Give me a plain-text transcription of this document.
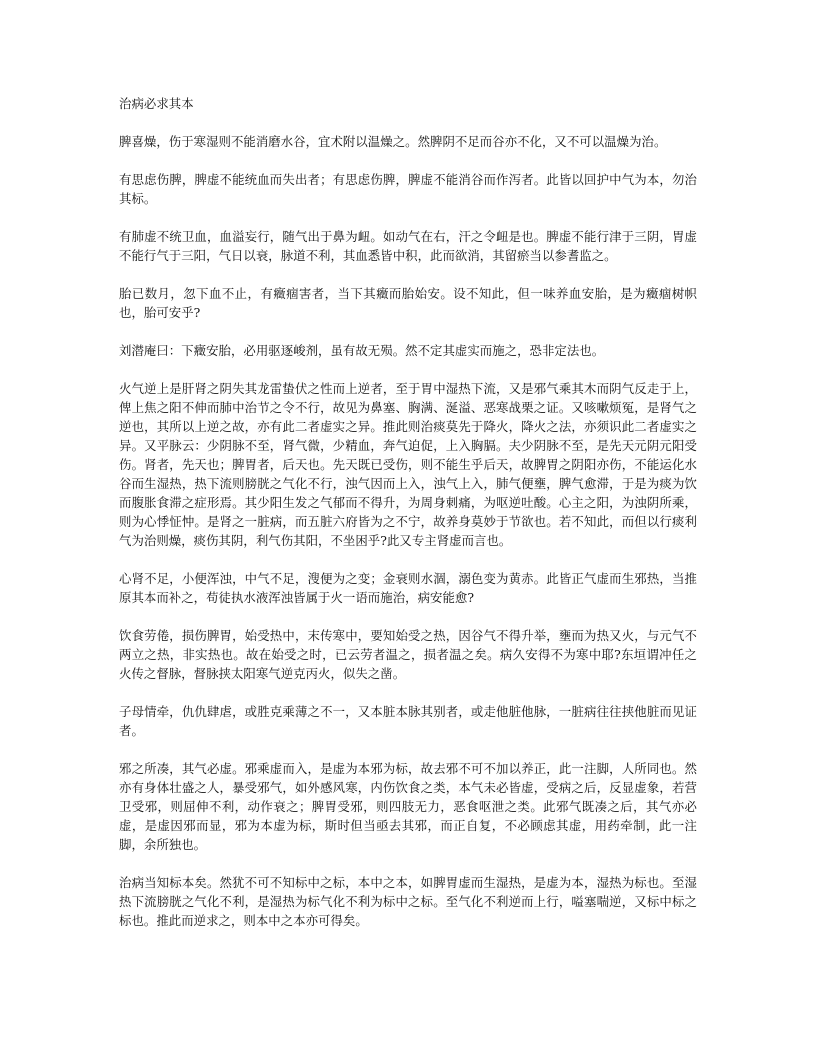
治病必求其本
脾喜燥，伤于寒湿则不能消磨水谷，宜术附以温燥之。然脾阴不足而谷亦不化，又不可以温燥为治。
有思虑伤脾，脾虚不能统血而失出者；有思虑伤脾，脾虚不能消谷而作泻者。此皆以回护中气为本，勿治其标。
有肺虚不统卫血，血溢妄行，随气出于鼻为衄。如动气在右，汗之令衄是也。脾虚不能行津于三阴，胃虚不能行气于三阳，气日以衰，脉道不利，其血悉皆中积，此而欲消，其留瘀当以参耆监之。
胎已数月，忽下血不止，有癥痼害者，当下其癥而胎始安。设不知此，但一味养血安胎，是为癥痼树帜也，胎可安乎?
刘潜庵曰：下癥安胎，必用驱逐峻剂，虽有故无殒。然不定其虚实而施之，恐非定法也。
火气逆上是肝肾之阴失其龙雷蛰伏之性而上逆者，至于胃中湿热下流，又是邪气乘其木而阴气反走于上，俾上焦之阳不伸而肺中治节之令不行，故见为鼻塞、胸满、涎溢、恶寒战栗之证。又咳嗽烦冤，是肾气之逆也，其所以上逆之故，亦有此二者虚实之异。推此则治痰莫先于降火，降火之法，亦须识此二者虚实之异。又平脉云：少阴脉不至，肾气微，少精血，奔气迫促，上入胸膈。夫少阴脉不至，是先天元阴元阳受伤。肾者，先天也；脾胃者，后天也。先天既已受伤，则不能生乎后天，故脾胃之阴阳亦伤，不能运化水谷而生湿热，热下流则膀胱之气化不行，浊气因而上入，浊气上入，肺气便壅，脾气愈滞，于是为痰为饮而腹胀食滞之症形焉。其少阳生发之气郁而不得升，为周身刺痛，为呕逆吐酸。心主之阳，为浊阴所乘，则为心悸怔忡。是肾之一脏病，而五脏六府皆为之不宁，故养身莫妙于节欲也。若不知此，而但以行痰利气为治则燥，痰伤其阴，利气伤其阳，不坐困乎?此又专主肾虚而言也。
心肾不足，小便浑浊，中气不足，溲便为之变；金衰则水涸，溺色变为黄赤。此皆正气虚而生邪热，当推原其本而补之，苟徒执水液浑浊皆属于火一语而施治，病安能愈?
饮食劳倦，损伤脾胃，始受热中，末传寒中，要知始受之热，因谷气不得升举，壅而为热又火，与元气不两立之热，非实热也。故在始受之时，已云劳者温之，损者温之矣。病久安得不为寒中耶?东垣谓冲任之火传之督脉，督脉挟太阳寒气逆克丙火，似失之凿。
子母情牵，仇仇肆虐，或胜克乘薄之不一，又本脏本脉其别者，或走他脏他脉，一脏病往往挟他脏而见证者。
邪之所凑，其气必虚。邪乘虚而入，是虚为本邪为标，故去邪不可不加以养正，此一注脚，人所同也。然亦有身体壮盛之人，暴受邪气，如外感风寒，内伤饮食之类，本气未必皆虚，受病之后，反显虚象，若营卫受邪，则屈伸不利，动作衰之；脾胃受邪，则四肢无力，恶食呕泄之类。此邪气既凑之后，其气亦必虚，是虚因邪而显，邪为本虚为标，斯时但当亟去其邪，而正自复，不必顾虑其虚，用药牵制，此一注脚，余所独也。
治病当知标本矣。然犹不可不知标中之标，本中之本，如脾胃虚而生湿热，是虚为本，湿热为标也。至湿热下流膀胱之气化不利，是湿热为标气化不利为标中之标。至气化不利逆而上行，嗌塞喘逆，又标中标之标也。推此而逆求之，则本中之本亦可得矣。
